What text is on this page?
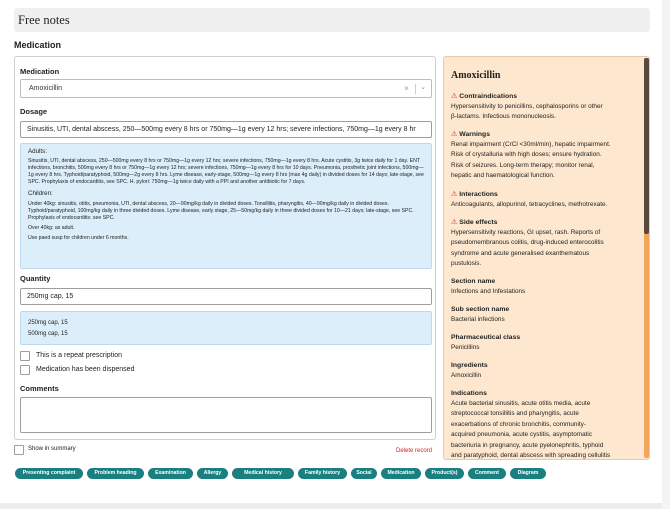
Free notes
Medication
Medication
Amoxicillin	× ⌄
Dosage
Sinusitis, UTI, dental abscess, 250—500mg every 8 hrs or 750mg—1g every 12 hrs; severe infections, 750mg—1g every 8 hr
Adults:

Sinusitis, UTI, dental abscess, 250—500mg every 8 hrs or 750mg—1g every 12 hrs; severe infections, 750mg—1g every 8 hrs. Acute cystitis, 3g twice daily for 1 day. ENT infections, bronchitis, 500mg every 8 hrs or 750mg—1g every 12 hrs; severe infections, 750mg—1g every 8 hrs for 10 days. Pneumonia, prosthetic joint infections, 500mg—1g every 8 hrs. Typhoid/paratyphoid, 500mg—2g every 8 hrs. Lyme disease, early-stage, 500mg—1g every 8 hrs (max 4g daily) in divided doses for 14 days; late-stage, see SPC. Prophylaxis of endocarditis, see SPC. H. pylori: 750mg—1g twice daily with a PPI and another antibiotic for 7 days.

Children:

Under 40kg: sinusitis, otitis, pneumonia, UTI, dental abscess, 20—90mg/kg daily in divided doses. Tonsillitis, pharyngitis, 40—90mg/kg daily in divided doses. Typhoid/paratyphoid, 100mg/kg daily in three divided doses. Lyme disease, early stage, 25—50mg/kg daily in three divided doses for 10—21 days; late-stage, see SPC. Prophylaxis of endocarditis: see SPC.

Over 40kg: as adult.

Use paed susp for children under 6 months.

Quantity
250mg cap, 15
250mg cap, 15
500mg cap, 15
This is a repeat prescription
Medication has been dispensed
Comments
Show in summary	Delete record
Presenting complaint	Problem heading	Examination	Allergy	Medical history	Family history	Social	Medication	Product(s)	Comment	Diagram
Amoxicillin
⚠ Contraindications
Hypersensitivity to penicillins, cephalosporins or other
β-lactams. Infectious mononucleosis.
⚠ Warnings
Renal impairment (CrCl <30ml/min), hepatic impairment.
Risk of crystalluria with high doses; ensure hydration.
Risk of seizures. Long-term therapy; monitor renal,
hepatic and haematological function.
⚠ Interactions
Anticoagulants, allopurinol, tetracyclines, methotrexate.
⚠ Side effects
Hypersensitivity reactions, GI upset, rash. Reports of
pseudomembranous colitis, drug-induced enterocolitis
syndrome and acute generalised exanthematous
pustulosis.
Section name
Infections and Infestations
Sub section name
Bacterial infections
Pharmaceutical class
Penicillins
Ingredients
Amoxicillin
Indications
Acute bacterial sinusitis, acute otitis media, acute
streptococcal tonsillitis and pharyngitis, acute
exacerbations of chronic bronchitis, community-
acquired pneumonia, acute cystitis, asymptomatic
bacteriuria in pregnancy, acute pyelonephritis, typhoid
and paratyphoid, dental abscess with spreading cellulitis
